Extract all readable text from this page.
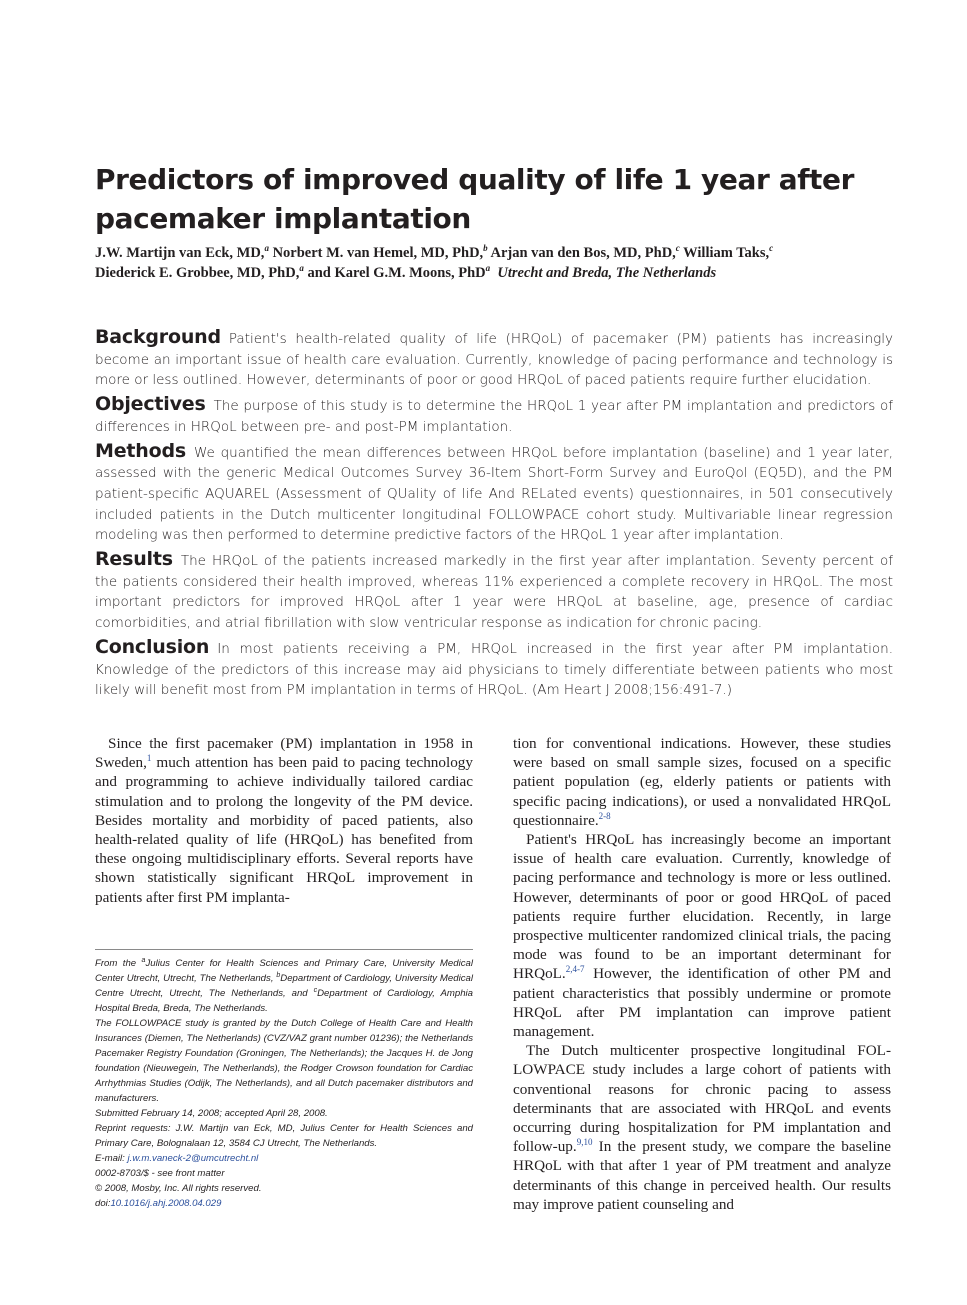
Predictors of improved quality of life 1 year after pacemaker implantation
J.W. Martijn van Eck, MD,$^a$ Norbert M. van Hemel, MD, PhD,$^b$ Arjan van den Bos, MD, PhD,$^c$ William Taks,$^c$
Diederick E. Grobbee, MD, PhD,$^a$ and Karel G.M. Moons, PhD$^a$ Utrecht and Breda, The Netherlands

Background Patient's health-related quality of life (HRQoL) of pacemaker (PM) patients has increasingly become an important issue of health care evaluation. Currently, knowledge of pacing performance and technology is more or less outlined. However, determinants of poor or good HRQoL of paced patients require further elucidation.

Objectives The purpose of this study is to determine the HRQoL 1 year after PM implantation and predictors of differences in HRQoL between pre- and post-PM implantation.

Methods We quantified the mean differences between HRQoL before implantation (baseline) and 1 year later, assessed with the generic Medical Outcomes Survey 36-Item Short-Form Survey and EuroQol (EQ5D), and the PM patient-specific AQUAREL (Assessment of QUality of life And RELated events) questionnaires, in 501 consecutively included patients in the Dutch multicenter longitudinal FOLLOWPACE cohort study. Multivariable linear regression modeling was then performed to determine predictive factors of the HRQoL 1 year after implantation.

Results The HRQoL of the patients increased markedly in the first year after implantation. Seventy percent of the patients considered their health improved, whereas 11% experienced a complete recovery in HRQoL. The most important predictors for improved HRQoL after 1 year were HRQoL at baseline, age, presence of cardiac comorbidities, and atrial fibrillation with slow ventricular response as indication for chronic pacing.

Conclusion In most patients receiving a PM, HRQoL increased in the first year after PM implantation. Knowledge of the predictors of this increase may aid physicians to timely differentiate between patients who most likely will benefit most from PM implantation in terms of HRQoL. (Am Heart J 2008;156:491-7.)

Since the first pacemaker (PM) implantation in 1958 in Sweden,$^1$ much attention has been paid to pacing technology and programming to achieve individually tailored cardiac stimulation and to prolong the longevity of the PM device. Besides mortality and morbidity of paced patients, also health-related quality of life (HRQoL) has benefited from these ongoing multidisciplinary efforts. Several reports have shown statistically significant HRQoL improvement in patients after first PM implanta-

From the $^a$Julius Center for Health Sciences and Primary Care, University Medical Center Utrecht, Utrecht, The Netherlands, $^b$Department of Cardiology, University Medical Centre Utrecht, Utrecht, The Netherlands, and $^c$Department of Cardiology, Amphia Hospital Breda, Breda, The Netherlands.

The FOLLOWPACE study is granted by the Dutch College of Health Care and Health Insurances (Diemen, The Netherlands) (CVZ/VAZ grant number 01236); the Netherlands Pacemaker Registry Foundation (Groningen, The Netherlands); the Jacques H. de Jong foundation (Nieuwegein, The Netherlands), the Rodger Crowson foundation for Cardiac Arrhythmias Studies (Odijk, The Netherlands), and all Dutch pacemaker distributors and manufacturers.

Submitted February 14, 2008; accepted April 28, 2008.

Reprint requests: J.W. Martijn van Eck, MD, Julius Center for Health Sciences and Primary Care, Bolognalaan 12, 3584 CJ Utrecht, The Netherlands.

E-mail: j.w.m.vaneck-2@umcutrecht.nl

0002-8703/$ - see front matter

© 2008, Mosby, Inc. All rights reserved.

doi:10.1016/j.ahj.2008.04.029

tion for conventional indications. However, these studies were based on small sample sizes, focused on a specific patient population (eg, elderly patients or patients with specific pacing indications), or used a nonvalidated HRQoL questionnaire.$^{2-8}$

Patient's HRQoL has increasingly become an important issue of health care evaluation. Currently, knowledge of pacing performance and technology is more or less outlined. However, determinants of poor or good HRQoL of paced patients require further elucidation. Recently, in large prospective multicenter randomized clinical trials, the pacing mode was found to be an important determinant for HRQoL.$^{2,4-7}$ However, the identification of other PM and patient characteristics that possibly undermine or promote HRQoL after PM implantation can improve patient management.

The Dutch multicenter prospective longitudinal FOL-LOWPACE study includes a large cohort of patients with conventional reasons for chronic pacing to assess determinants that are associated with HRQoL and events occurring during hospitalization for PM implantation and follow-up.$^{9,10}$ In the present study, we compare the baseline HRQoL with that after 1 year of PM treatment and analyze determinants of this change in perceived health. Our results may improve patient counseling and
